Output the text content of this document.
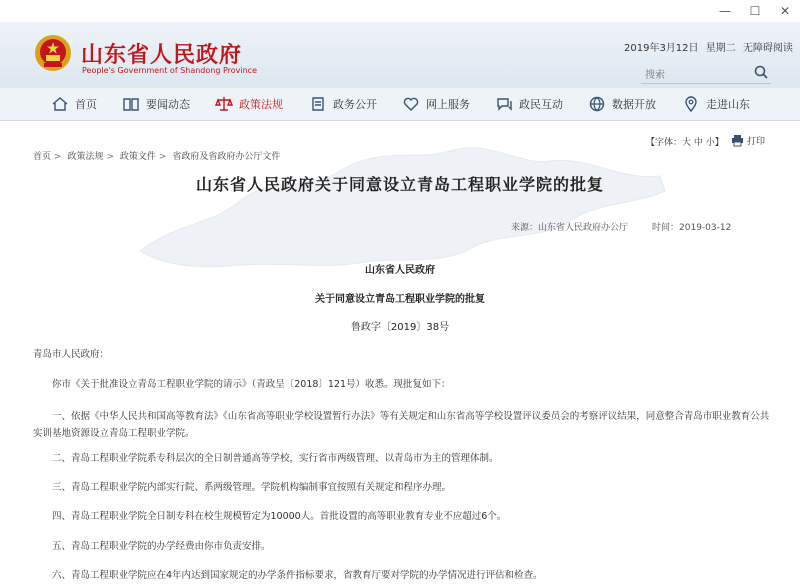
—	☐	✕
山东省人民政府
People's Government of Shandong Province
2019年3月12日 星期二 无障碍阅读
搜索
首页	要闻动态	政策法规	政务公开	网上服务	政民互动	数据开放	走进山东
首页 > 政策法规 > 政策文件 > 省政府及省政府办公厅文件
【字体：大 中 小】	打印
山东省人民政府关于同意设立青岛工程职业学院的批复
来源：山东省人民政府办公厅	时间：2019-03-12
山东省人民政府
关于同意设立青岛工程职业学院的批复
鲁政字〔2019〕38号
青岛市人民政府：
你市《关于批准设立青岛工程职业学院的请示》（青政呈〔2018〕121号）收悉。现批复如下：
一、依据《中华人民共和国高等教育法》《山东省高等职业学校设置暂行办法》等有关规定和山东省高等学校设置评议委员会的考察评议结果，同意整合青岛市职业教育公共实训基地资源设立青岛工程职业学院。
二、青岛工程职业学院系专科层次的全日制普通高等学校，实行省市两级管理、以青岛市为主的管理体制。
三、青岛工程职业学院内部实行院、系两级管理。学院机构编制事宜按照有关规定和程序办理。
四、青岛工程职业学院全日制专科在校生规模暂定为10000人。首批设置的高等职业教育专业不应超过6个。
五、青岛工程职业学院的办学经费由你市负责安排。
六、青岛工程职业学院应在4年内达到国家规定的办学条件指标要求，省教育厅要对学院的办学情况进行评估和检查。
